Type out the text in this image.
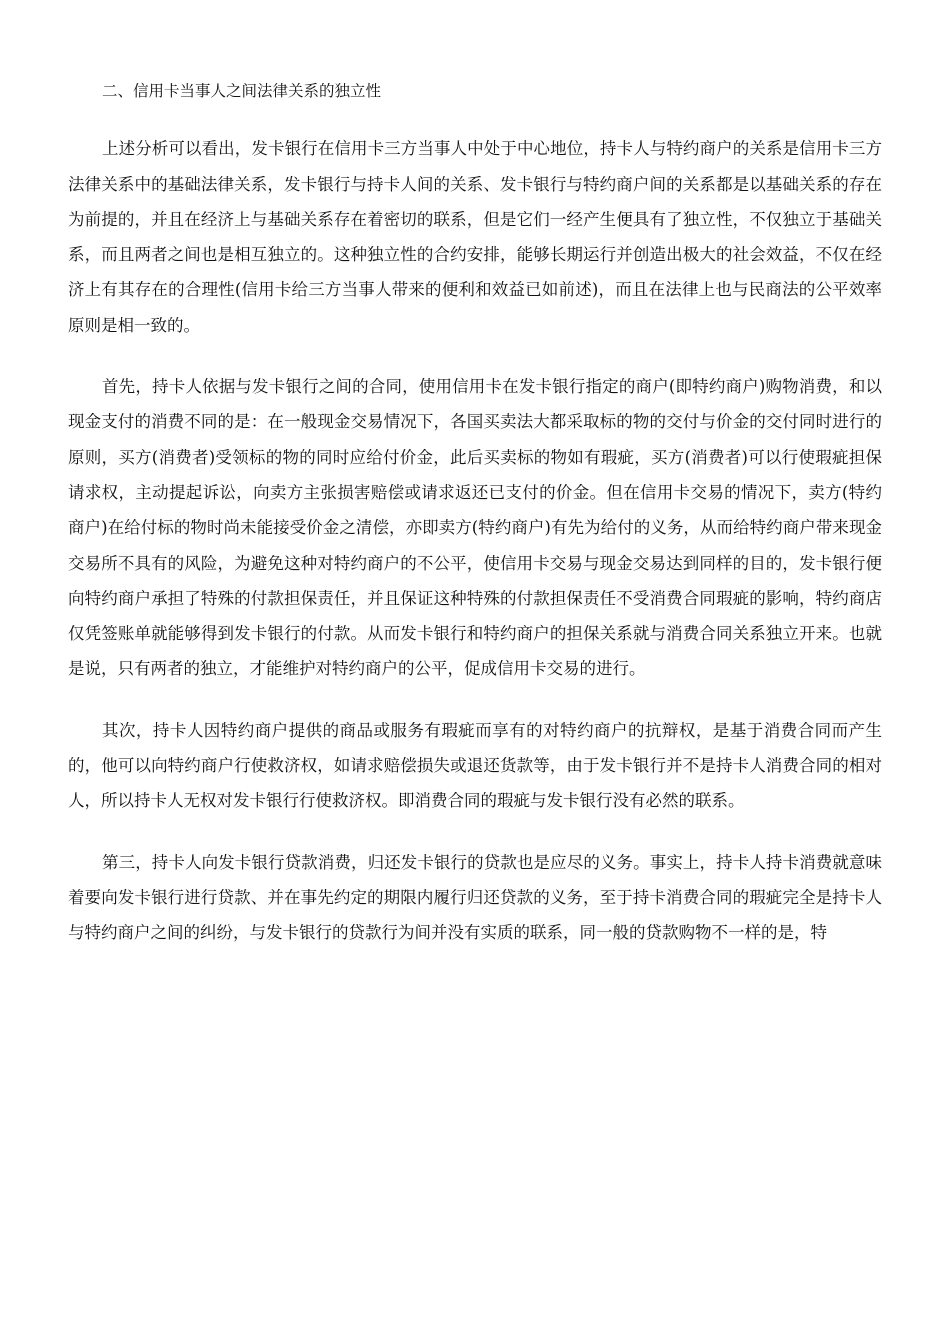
二、信用卡当事人之间法律关系的独立性

上述分析可以看出，发卡银行在信用卡三方当事人中处于中心地位，持卡人与特约商户的关系是信用卡三方法律关系中的基础法律关系，发卡银行与持卡人间的关系、发卡银行与特约商户间的关系都是以基础关系的存在为前提的，并且在经济上与基础关系存在着密切的联系，但是它们一经产生便具有了独立性，不仅独立于基础关系，而且两者之间也是相互独立的。这种独立性的合约安排，能够长期运行并创造出极大的社会效益，不仅在经济上有其存在的合理性(信用卡给三方当事人带来的便利和效益已如前述)，而且在法律上也与民商法的公平效率原则是相一致的。

首先，持卡人依据与发卡银行之间的合同，使用信用卡在发卡银行指定的商户(即特约商户)购物消费，和以现金支付的消费不同的是：在一般现金交易情况下，各国买卖法大都采取标的物的交付与价金的交付同时进行的原则，买方(消费者)受领标的物的同时应给付价金，此后买卖标的物如有瑕疵，买方(消费者)可以行使瑕疵担保请求权，主动提起诉讼，向卖方主张损害赔偿或请求返还已支付的价金。但在信用卡交易的情况下，卖方(特约商户)在给付标的物时尚未能接受价金之清偿，亦即卖方(特约商户)有先为给付的义务，从而给特约商户带来现金交易所不具有的风险，为避免这种对特约商户的不公平，使信用卡交易与现金交易达到同样的目的，发卡银行便向特约商户承担了特殊的付款担保责任，并且保证这种特殊的付款担保责任不受消费合同瑕疵的影响，特约商店仅凭签账单就能够得到发卡银行的付款。从而发卡银行和特约商户的担保关系就与消费合同关系独立开来。也就是说，只有两者的独立，才能维护对特约商户的公平，促成信用卡交易的进行。

其次，持卡人因特约商户提供的商品或服务有瑕疵而享有的对特约商户的抗辩权，是基于消费合同而产生的，他可以向特约商户行使救济权，如请求赔偿损失或退还货款等，由于发卡银行并不是持卡人消费合同的相对人，所以持卡人无权对发卡银行行使救济权。即消费合同的瑕疵与发卡银行没有必然的联系。

第三，持卡人向发卡银行贷款消费，归还发卡银行的贷款也是应尽的义务。事实上，持卡人持卡消费就意味着要向发卡银行进行贷款、并在事先约定的期限内履行归还贷款的义务，至于持卡消费合同的瑕疵完全是持卡人与特约商户之间的纠纷，与发卡银行的贷款行为间并没有实质的联系，同一般的贷款购物不一样的是，特
